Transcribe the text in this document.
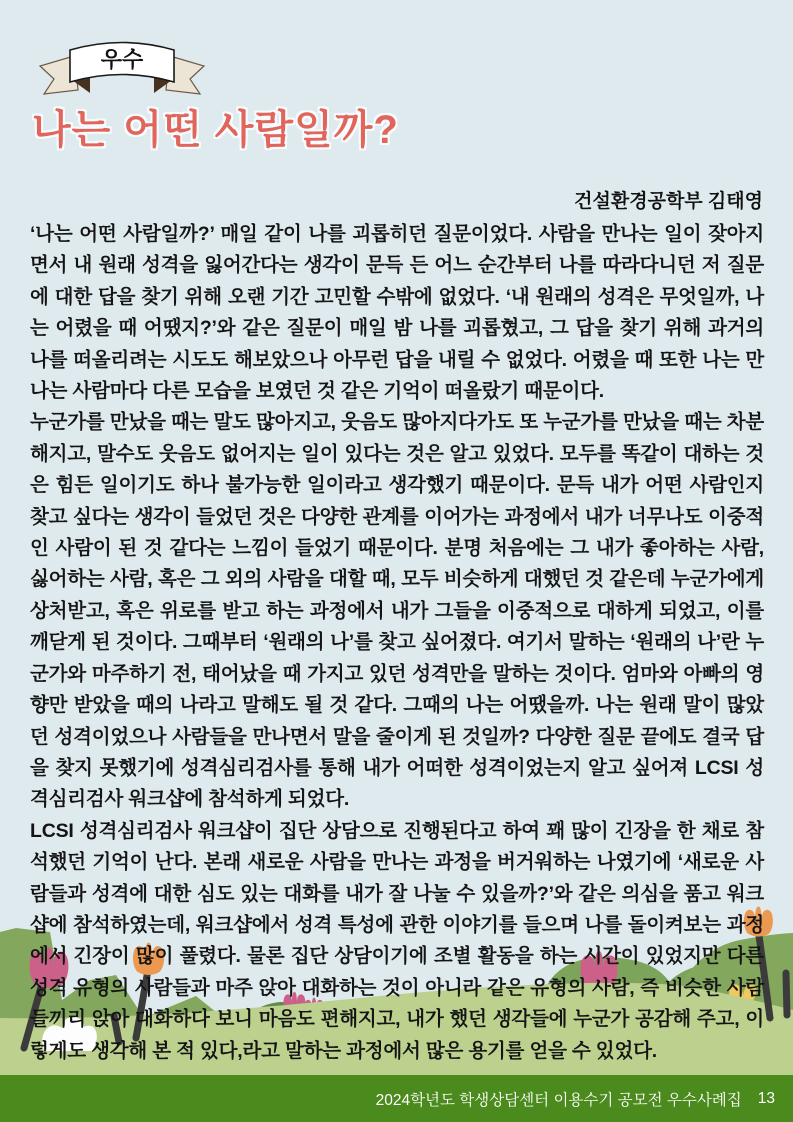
우수
나는 어떤 사람일까?
건설환경공학부 김태영

‘나는 어떤 사람일까?’ 매일 같이 나를 괴롭히던 질문이었다. 사람을 만나는 일이 잦아지면서 내 원래 성격을 잃어간다는 생각이 문득 든 어느 순간부터 나를 따라다니던 저 질문에 대한 답을 찾기 위해 오랜 기간 고민할 수밖에 없었다. ‘내 원래의 성격은 무엇일까, 나는 어렸을 때 어땠지?’와 같은 질문이 매일 밤 나를 괴롭혔고, 그 답을 찾기 위해 과거의 나를 떠올리려는 시도도 해보았으나 아무런 답을 내릴 수 없었다. 어렸을 때 또한 나는 만나는 사람마다 다른 모습을 보였던 것 같은 기억이 떠올랐기 때문이다.

누군가를 만났을 때는 말도 많아지고, 웃음도 많아지다가도 또 누군가를 만났을 때는 차분해지고, 말수도 웃음도 없어지는 일이 있다는 것은 알고 있었다. 모두를 똑같이 대하는 것은 힘든 일이기도 하나 불가능한 일이라고 생각했기 때문이다. 문득 내가 어떤 사람인지 찾고 싶다는 생각이 들었던 것은 다양한 관계를 이어가는 과정에서 내가 너무나도 이중적인 사람이 된 것 같다는 느낌이 들었기 때문이다. 분명 처음에는 그 내가 좋아하는 사람, 싫어하는 사람, 혹은 그 외의 사람을 대할 때, 모두 비슷하게 대했던 것 같은데 누군가에게 상처받고, 혹은 위로를 받고 하는 과정에서 내가 그들을 이중적으로 대하게 되었고, 이를 깨닫게 된 것이다. 그때부터 ‘원래의 나’를 찾고 싶어졌다. 여기서 말하는 ‘원래의 나’란 누군가와 마주하기 전, 태어났을 때 가지고 있던 성격만을 말하는 것이다. 엄마와 아빠의 영향만 받았을 때의 나라고 말해도 될 것 같다. 그때의 나는 어땠을까. 나는 원래 말이 많았던 성격이었으나 사람들을 만나면서 말을 줄이게 된 것일까? 다양한 질문 끝에도 결국 답을 찾지 못했기에 성격심리검사를 통해 내가 어떠한 성격이었는지 알고 싶어져 LCSI 성격심리검사 워크샵에 참석하게 되었다.

LCSI 성격심리검사 워크샵이 집단 상담으로 진행된다고 하여 꽤 많이 긴장을 한 채로 참석했던 기억이 난다. 본래 새로운 사람을 만나는 과정을 버거워하는 나였기에 ‘새로운 사람들과 성격에 대한 심도 있는 대화를 내가 잘 나눌 수 있을까?’와 같은 의심을 품고 워크샵에 참석하였는데, 워크샵에서 성격 특성에 관한 이야기를 들으며 나를 돌이켜보는 과정에서 긴장이 많이 풀렸다. 물론 집단 상담이기에 조별 활동을 하는 시간이 있었지만 다른 성격 유형의 사람들과 마주 앉아 대화하는 것이 아니라 같은 유형의 사람, 즉 비슷한 사람들끼리 앉아 대화하다 보니 마음도 편해지고, 내가 했던 생각들에 누군가 공감해 주고, 이렇게도 생각해 본 적 있다,라고 말하는 과정에서 많은 용기를 얻을 수 있었다.

2024학년도 학생상담센터 이용수기 공모전 우수사례집 13
